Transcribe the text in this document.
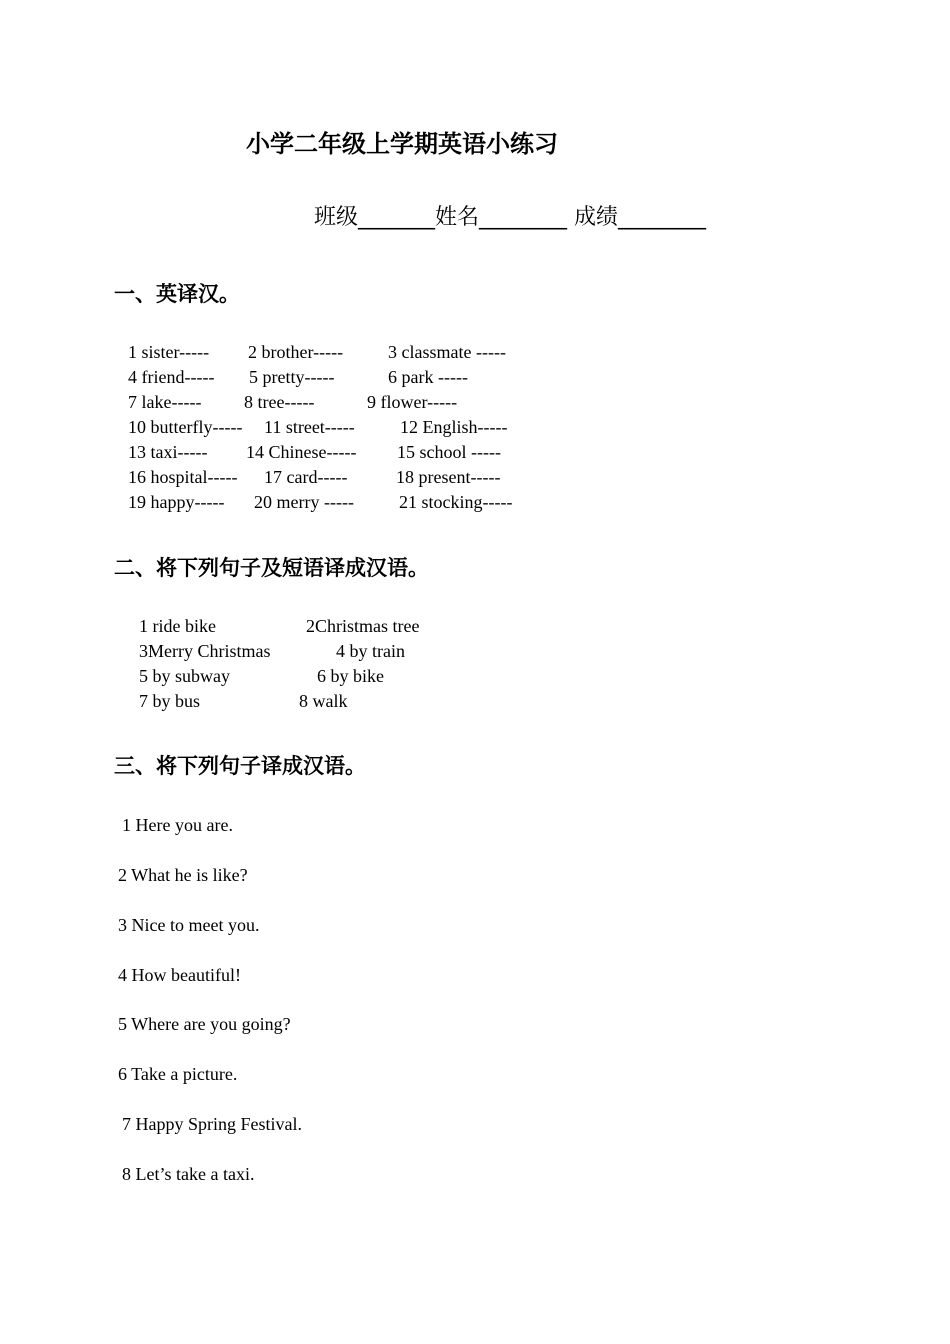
小学二年级上学期英语小练习
班级_______姓名________ 成绩________
一、英译汉。
1 sister----- 2 brother----- 3 classmate -----
4 friend----- 5 pretty-----	6 park -----
7 lake----- 8 tree-----	9 flower-----
10 butterfly----- 11 street-----	12 English-----
13 taxi----- 14 Chinese----- 15 school -----
16 hospital----- 17 card-----	18 present-----
19 happy----- 20 merry -----	21 stocking-----
二、将下列句子及短语译成汉语。
1 ride bike	2Christmas tree
3Merry Christmas	4 by train
5 by subway	6 by bike
7 by bus	8 walk
三、将下列句子译成汉语。
1 Here you are.
2 What he is like?
3 Nice to meet you.
4 How beautiful!
5 Where are you going?
6 Take a picture.
7 Happy Spring Festival.
8 Let’s take a taxi.
